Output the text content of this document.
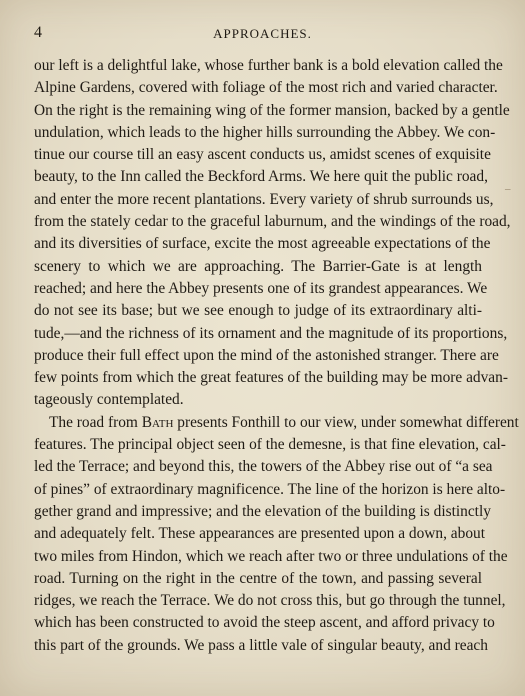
4	APPROACHES.
our left is a delightful lake, whose further bank is a bold elevation called the
Alpine Gardens, covered with foliage of the most rich and varied character.
On the right is the remaining wing of the former mansion, backed by a gentle
undulation, which leads to the higher hills surrounding the Abbey. We con-
tinue our course till an easy ascent conducts us, amidst scenes of exquisite
beauty, to the Inn called the Beckford Arms. We here quit the public road,
and enter the more recent plantations. Every variety of shrub surrounds us,
from the stately cedar to the graceful laburnum, and the windings of the road,
and its diversities of surface, excite the most agreeable expectations of the
scenery to which we are approaching. The Barrier-Gate is at length
reached; and here the Abbey presents one of its grandest appearances. We
do not see its base; but we see enough to judge of its extraordinary alti-
tude,—and the richness of its ornament and the magnitude of its proportions,
produce their full effect upon the mind of the astonished stranger. There are
few points from which the great features of the building may be more advan-
tageously contemplated.
The road from Bath presents Fonthill to our view, under somewhat different
features. The principal object seen of the demesne, is that fine elevation, cal-
led the Terrace; and beyond this, the towers of the Abbey rise out of “a sea
of pines” of extraordinary magnificence. The line of the horizon is here alto-
gether grand and impressive; and the elevation of the building is distinctly
and adequately felt. These appearances are presented upon a down, about
two miles from Hindon, which we reach after two or three undulations of the
road. Turning on the right in the centre of the town, and passing several
ridges, we reach the Terrace. We do not cross this, but go through the tunnel,
which has been constructed to avoid the steep ascent, and afford privacy to
this part of the grounds. We pass a little vale of singular beauty, and reach
–
